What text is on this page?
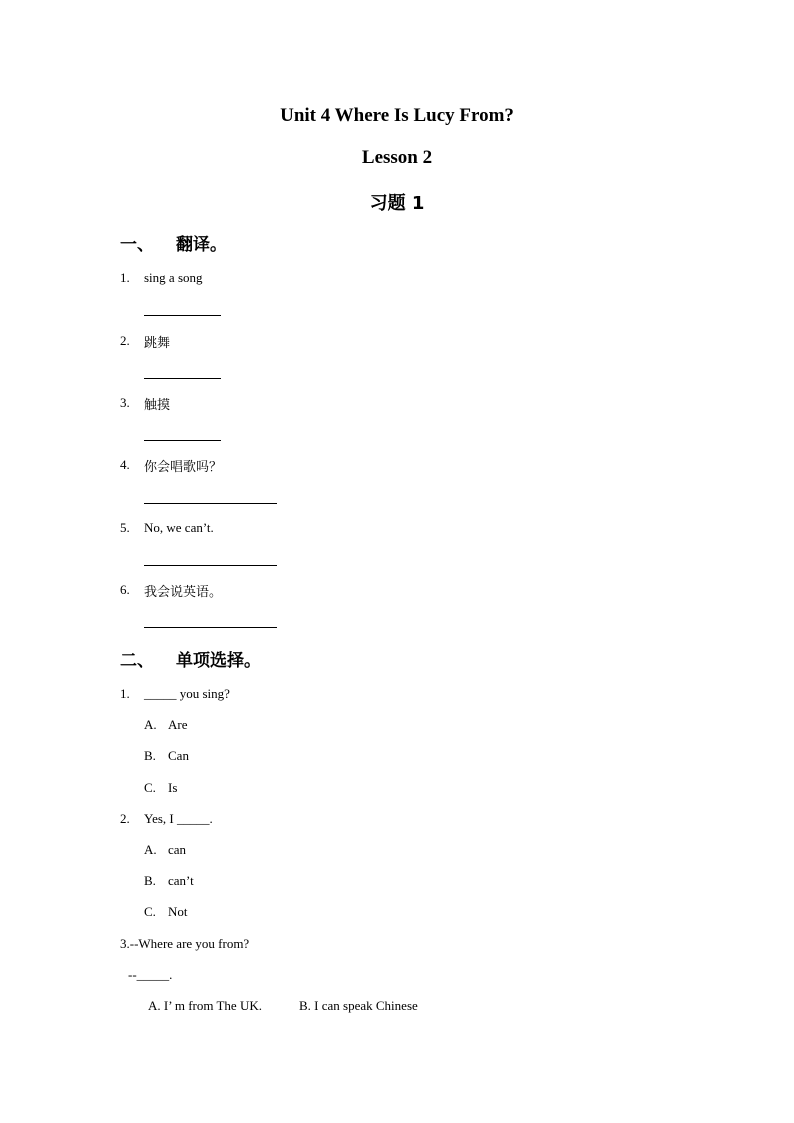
Unit 4 Where Is Lucy From?
Lesson 2
习题 1
一、 翻译。
1. sing a song
2. 跳舞
3. 触摸
4. 你会唱歌吗？
5. No, we can’t.
6. 我会说英语。
二、 单项选择。
1. _____ you sing?
A. Are
B. Can
C. Is
2. Yes, I _____.
A. can
B. can’t
C. Not
3.--Where are you from?
--_____.
A. I’ m from The UK.	B. I can speak Chinese
